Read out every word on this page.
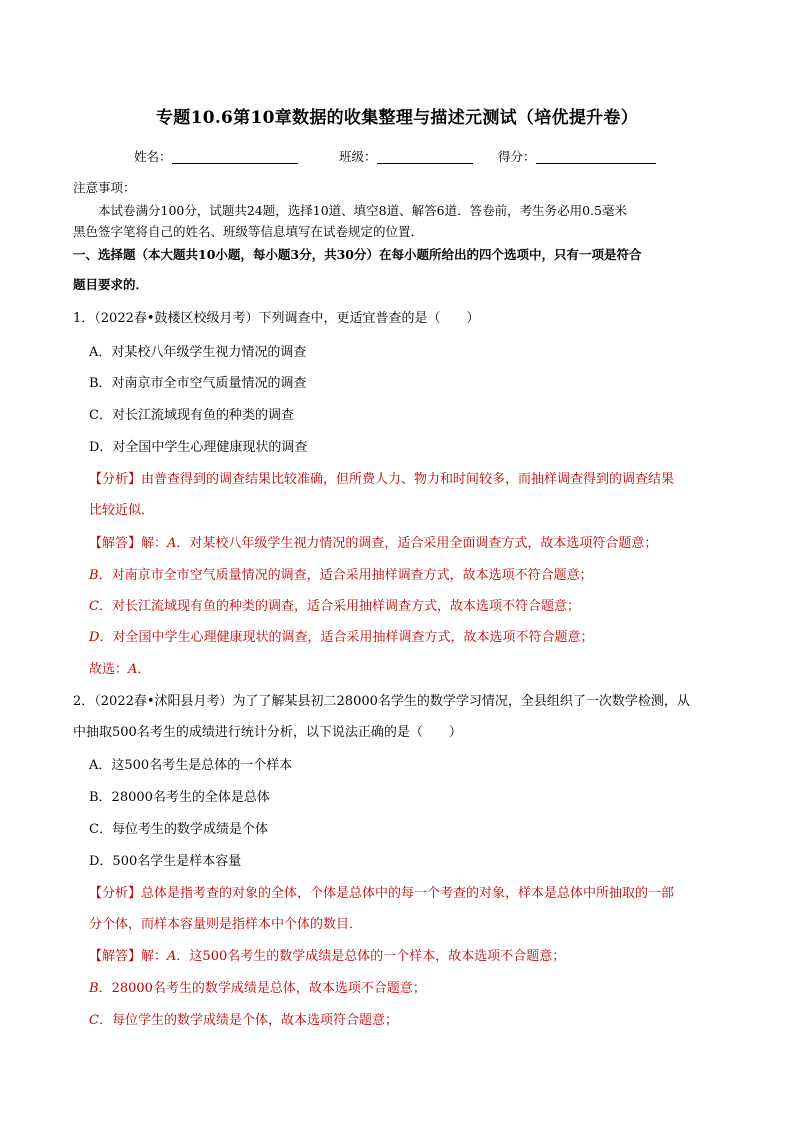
专题10.6第10章数据的收集整理与描述元测试（培优提升卷）
姓名：	班级：	得分：
注意事项：
本试卷满分100分，试题共24题，选择10道、填空8道、解答6道．答卷前，考生务必用0.5毫米
黑色签字笔将自己的姓名、班级等信息填写在试卷规定的位置．
一、选择题（本大题共10小题，每小题3分，共30分）在每小题所给出的四个选项中，只有一项是符合
题目要求的．
1．（2022春•鼓楼区校级月考）下列调查中，更适宜普查的是（　　）
A．对某校八年级学生视力情况的调查
B．对南京市全市空气质量情况的调查
C．对长江流域现有鱼的种类的调查
D．对全国中学生心理健康现状的调查
【分析】由普查得到的调查结果比较准确，但所费人力、物力和时间较多，而抽样调查得到的调查结果
比较近似．
【解答】解：A．对某校八年级学生视力情况的调查，适合采用全面调查方式，故本选项符合题意；
B．对南京市全市空气质量情况的调查，适合采用抽样调查方式，故本选项不符合题意；
C．对长江流域现有鱼的种类的调查，适合采用抽样调查方式，故本选项不符合题意；
D．对全国中学生心理健康现状的调查，适合采用抽样调查方式，故本选项不符合题意；
故选：A．
2．（2022春•沭阳县月考）为了了解某县初二28000名学生的数学学习情况，全县组织了一次数学检测，从
中抽取500名考生的成绩进行统计分析，以下说法正确的是（　　）
A．这500名考生是总体的一个样本
B．28000名考生的全体是总体
C．每位考生的数学成绩是个体
D．500名学生是样本容量
【分析】总体是指考查的对象的全体，个体是总体中的每一个考查的对象，样本是总体中所抽取的一部
分个体，而样本容量则是指样本中个体的数目．
【解答】解：A．这500名考生的数学成绩是总体的一个样本，故本选项不合题意；
B．28000名考生的数学成绩是总体，故本选项不合题意；
C．每位学生的数学成绩是个体，故本选项符合题意；
